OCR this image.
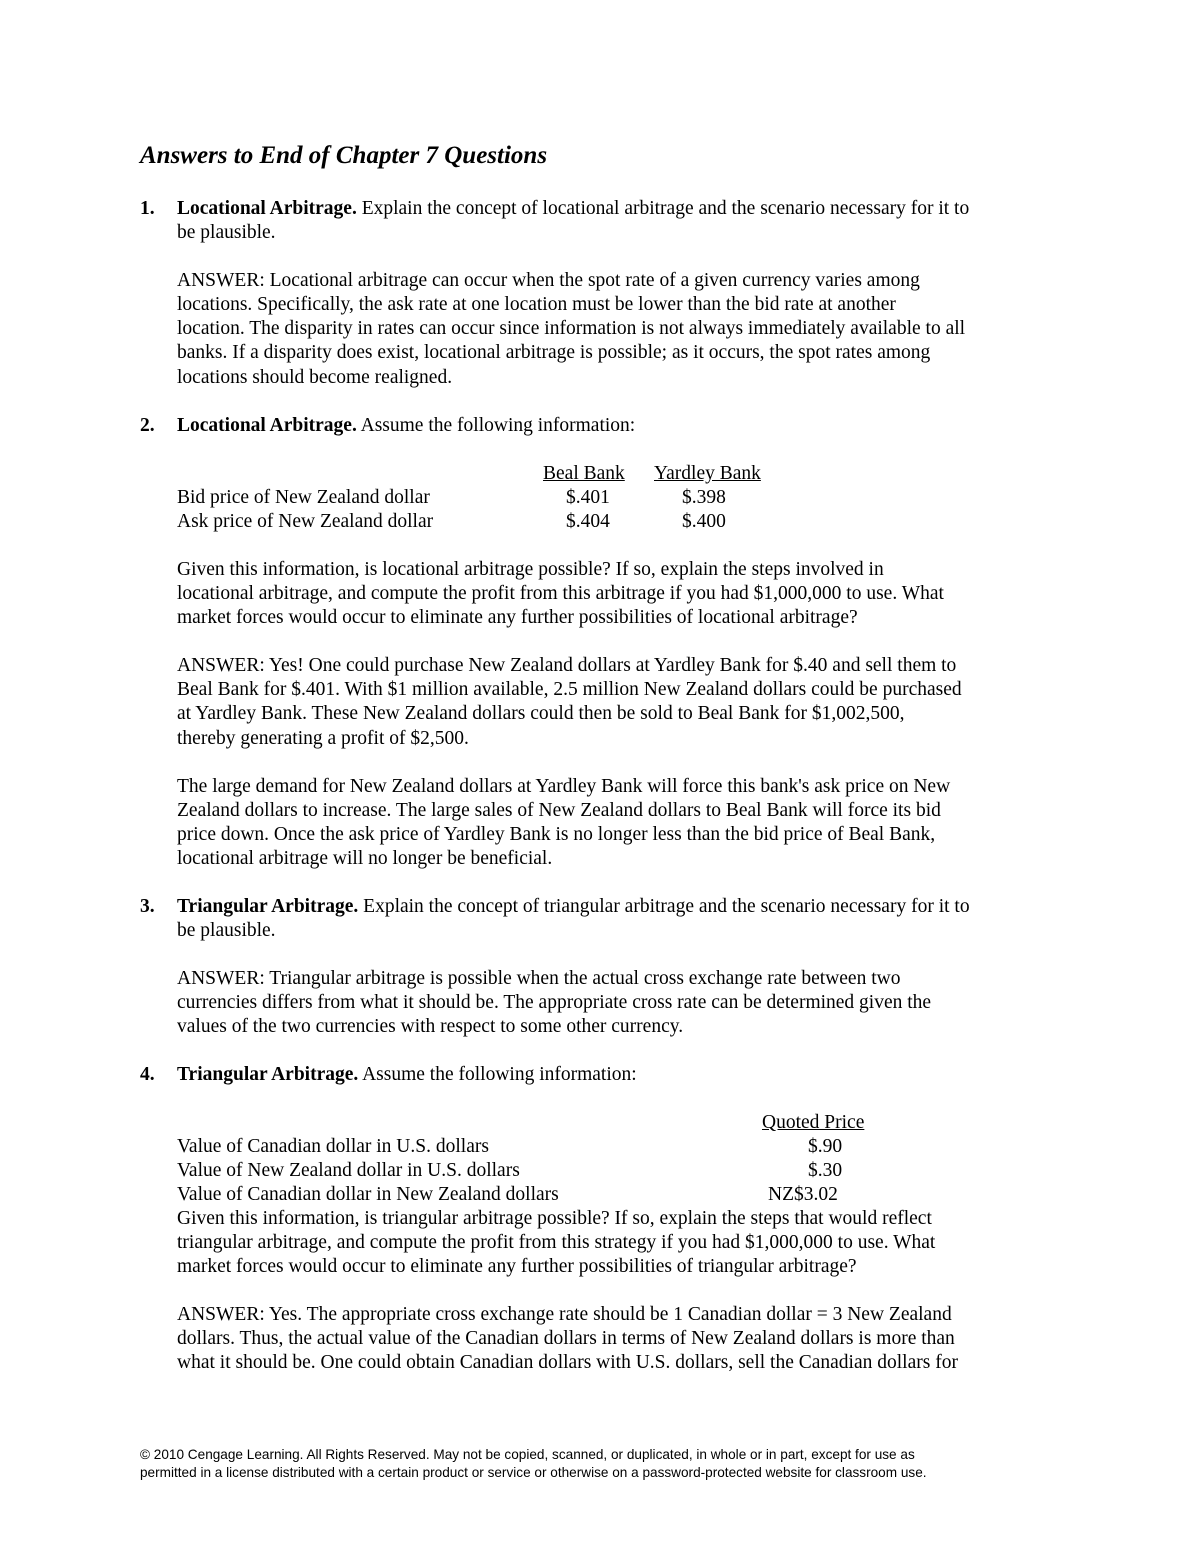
Answers to End of Chapter 7 Questions
1. Locational Arbitrage. Explain the concept of locational arbitrage and the scenario necessary for it to
be plausible.
ANSWER: Locational arbitrage can occur when the spot rate of a given currency varies among
locations. Specifically, the ask rate at one location must be lower than the bid rate at another
location. The disparity in rates can occur since information is not always immediately available to all
banks. If a disparity does exist, locational arbitrage is possible; as it occurs, the spot rates among
locations should become realigned.
2. Locational Arbitrage. Assume the following information:
Beal Bank Yardley Bank
Bid price of New Zealand dollar	$.401	$.398
Ask price of New Zealand dollar	$.404	$.400
Given this information, is locational arbitrage possible? If so, explain the steps involved in
locational arbitrage, and compute the profit from this arbitrage if you had $1,000,000 to use. What
market forces would occur to eliminate any further possibilities of locational arbitrage?
ANSWER: Yes! One could purchase New Zealand dollars at Yardley Bank for $.40 and sell them to
Beal Bank for $.401. With $1 million available, 2.5 million New Zealand dollars could be purchased
at Yardley Bank. These New Zealand dollars could then be sold to Beal Bank for $1,002,500,
thereby generating a profit of $2,500.
The large demand for New Zealand dollars at Yardley Bank will force this bank's ask price on New
Zealand dollars to increase. The large sales of New Zealand dollars to Beal Bank will force its bid
price down. Once the ask price of Yardley Bank is no longer less than the bid price of Beal Bank,
locational arbitrage will no longer be beneficial.
3. Triangular Arbitrage. Explain the concept of triangular arbitrage and the scenario necessary for it to
be plausible.
ANSWER: Triangular arbitrage is possible when the actual cross exchange rate between two
currencies differs from what it should be. The appropriate cross rate can be determined given the
values of the two currencies with respect to some other currency.
4. Triangular Arbitrage. Assume the following information:
Quoted Price
Value of Canadian dollar in U.S. dollars	$.90
Value of New Zealand dollar in U.S. dollars	$.30
Value of Canadian dollar in New Zealand dollars	NZ$3.02
Given this information, is triangular arbitrage possible? If so, explain the steps that would reflect
triangular arbitrage, and compute the profit from this strategy if you had $1,000,000 to use. What
market forces would occur to eliminate any further possibilities of triangular arbitrage?
ANSWER: Yes. The appropriate cross exchange rate should be 1 Canadian dollar = 3 New Zealand
dollars. Thus, the actual value of the Canadian dollars in terms of New Zealand dollars is more than
what it should be. One could obtain Canadian dollars with U.S. dollars, sell the Canadian dollars for
© 2010 Cengage Learning. All Rights Reserved. May not be copied, scanned, or duplicated, in whole or in part, except for use as
permitted in a license distributed with a certain product or service or otherwise on a password-protected website for classroom use.
